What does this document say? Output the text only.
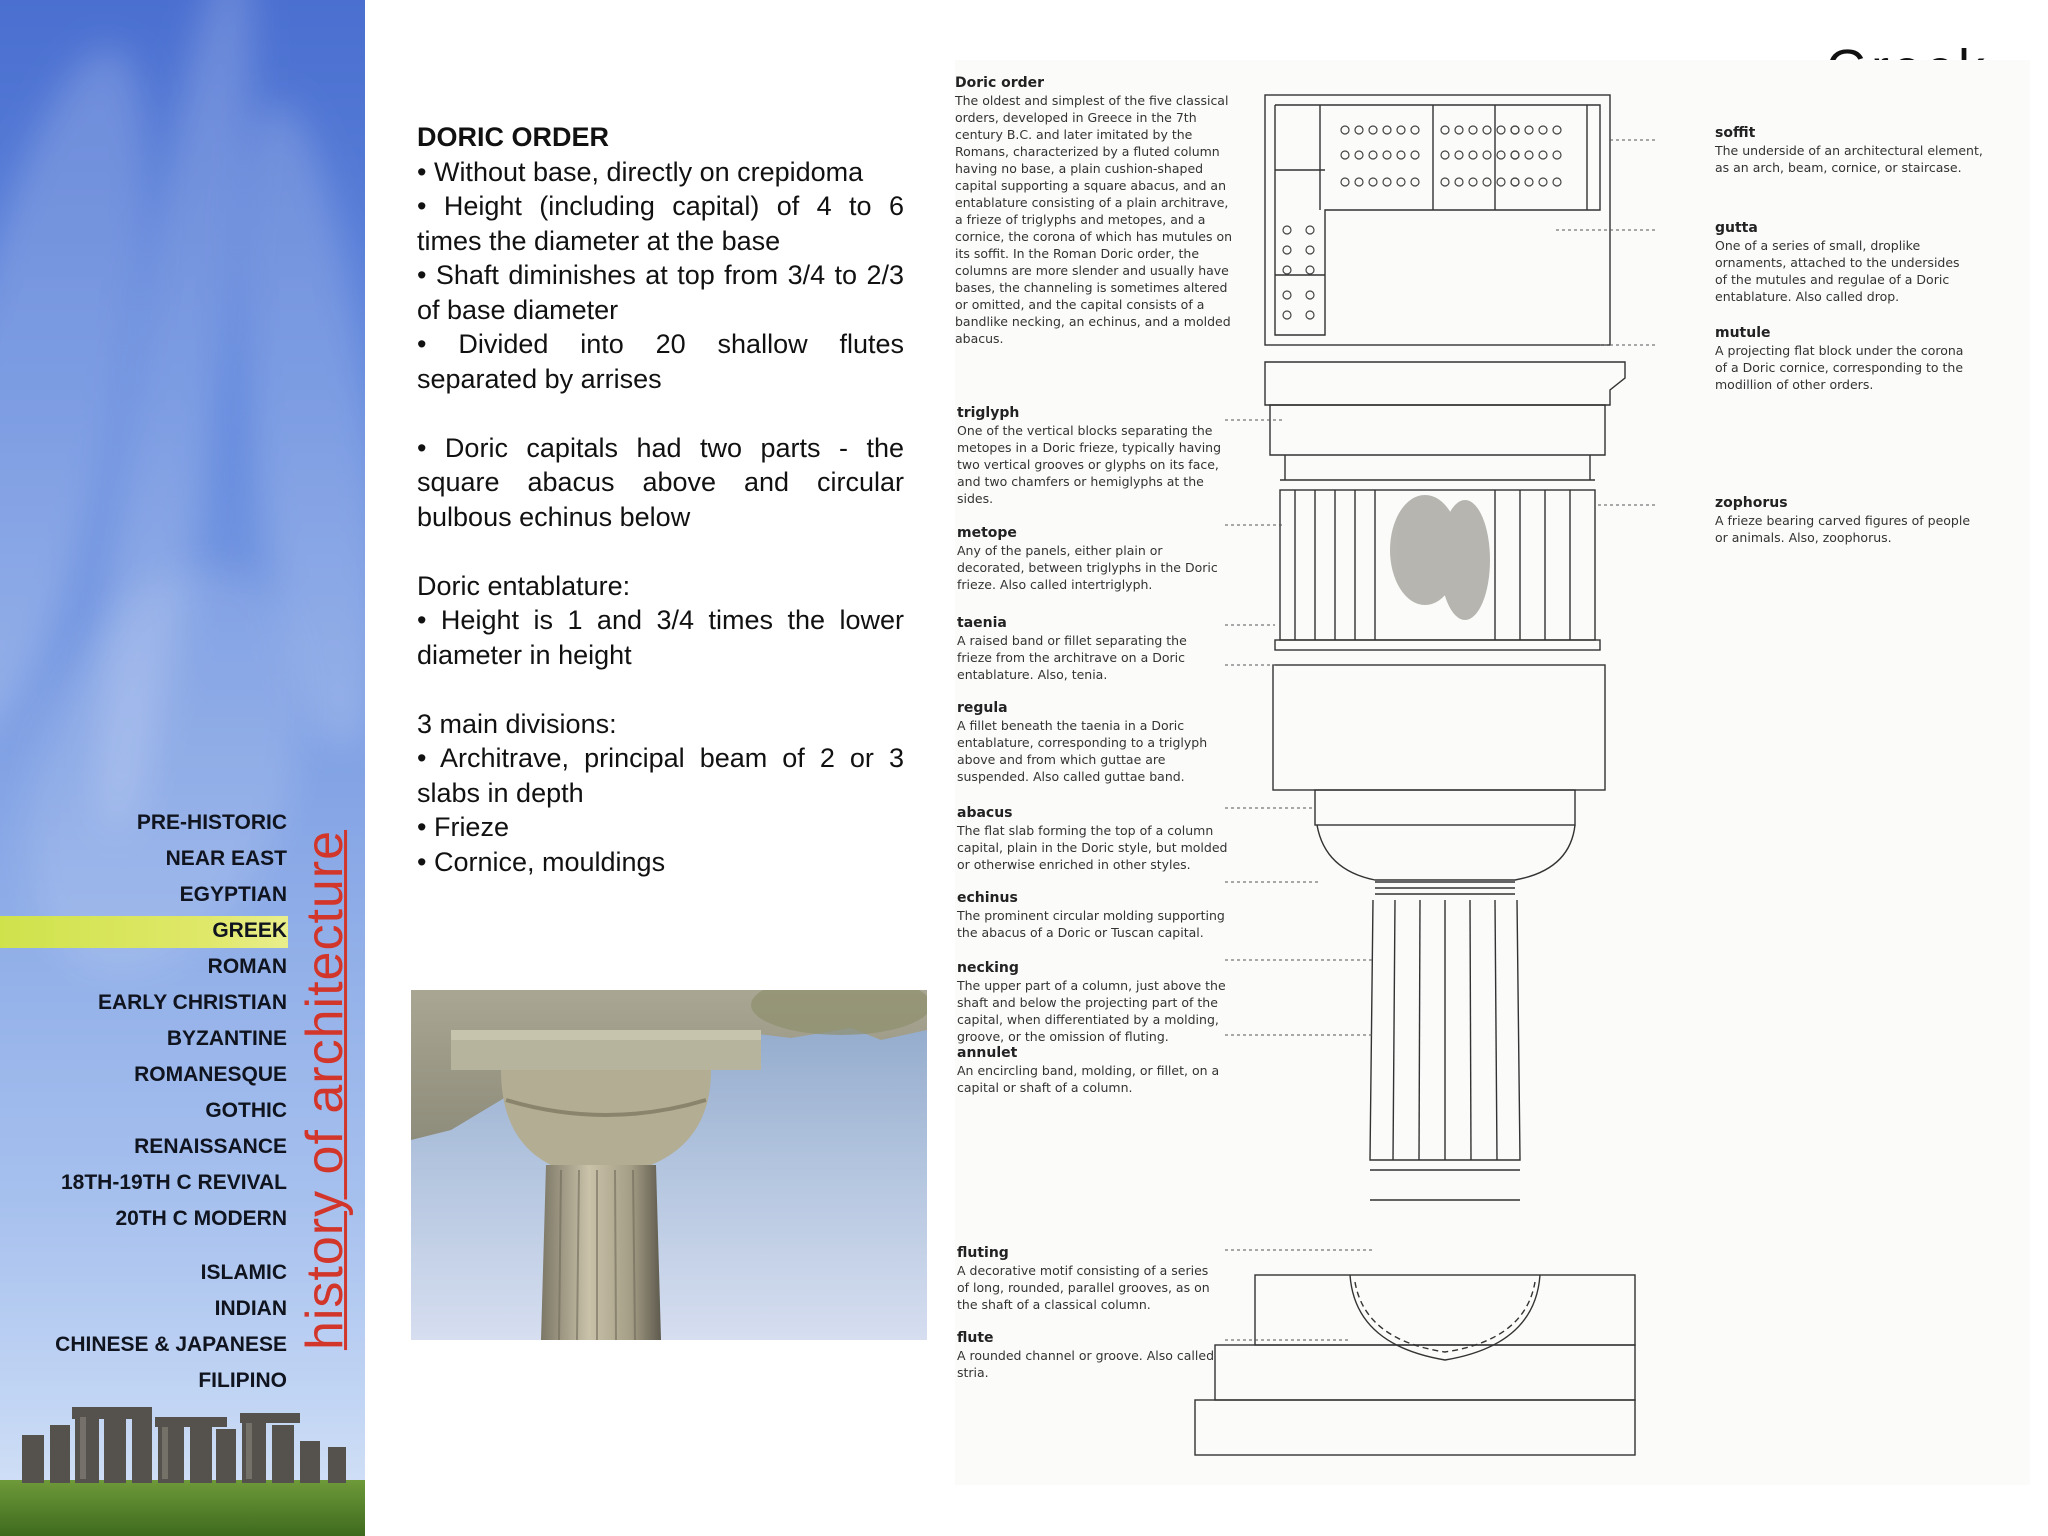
PRE-HISTORIC
NEAR EAST
EGYPTIAN
GREEK
ROMAN
EARLY CHRISTIAN
BYZANTINE
ROMANESQUE
GOTHIC
RENAISSANCE
18TH-19TH C REVIVAL
20TH C MODERN
ISLAMIC
INDIAN
CHINESE & JAPANESE
FILIPINO
history of architecture

DORIC ORDER

• Without base, directly on crepidoma

• Height (including capital) of 4 to 6 times the diameter at the base

• Shaft diminishes at top from 3/4 to 2/3 of base diameter

• Divided into 20 shallow flutes separated by arrises

• Doric capitals had two parts - the square abacus above and circular bulbous echinus below

Doric entablature:

• Height is 1 and 3/4 times the lower diameter in height

3 main divisions:

• Architrave, principal beam of 2 or 3 slabs in depth

• Frieze

• Cornice, mouldings

Doric order
The oldest and simplest of the five classical
orders, developed in Greece in the 7th
century B.C. and later imitated by the
Romans, characterized by a fluted column
having no base, a plain cushion-shaped
capital supporting a square abacus, and an
entablature consisting of a plain architrave,
a frieze of triglyphs and metopes, and a
cornice, the corona of which has mutules on
its soffit. In the Roman Doric order, the
columns are more slender and usually have
bases, the channeling is sometimes altered
or omitted, and the capital consists of a
bandlike necking, an echinus, and a molded
abacus.
triglyph
One of the vertical blocks separating the
metopes in a Doric frieze, typically having
two vertical grooves or glyphs on its face,
and two chamfers or hemiglyphs at the
sides.
metope
Any of the panels, either plain or
decorated, between triglyphs in the Doric
frieze. Also called intertriglyph.
taenia
A raised band or fillet separating the
frieze from the architrave on a Doric
entablature. Also, tenia.
regula
A fillet beneath the taenia in a Doric
entablature, corresponding to a triglyph
above and from which guttae are
suspended. Also called guttae band.
abacus
The flat slab forming the top of a column
capital, plain in the Doric style, but molded
or otherwise enriched in other styles.
echinus
The prominent circular molding supporting
the abacus of a Doric or Tuscan capital.
necking
The upper part of a column, just above the
shaft and below the projecting part of the
capital, when differentiated by a molding,
groove, or the omission of fluting.
annulet
An encircling band, molding, or fillet, on a
capital or shaft of a column.
fluting
A decorative motif consisting of a series
of long, rounded, parallel grooves, as on
the shaft of a classical column.
flute
A rounded channel or groove. Also called
stria.
soffit
The underside of an architectural element,
as an arch, beam, cornice, or staircase.
gutta
One of a series of small, droplike
ornaments, attached to the undersides
of the mutules and regulae of a Doric
entablature. Also called drop.
mutule
A projecting flat block under the corona
of a Doric cornice, corresponding to the
modillion of other orders.
zophorus
A frieze bearing carved figures of people
or animals. Also, zoophorus.
